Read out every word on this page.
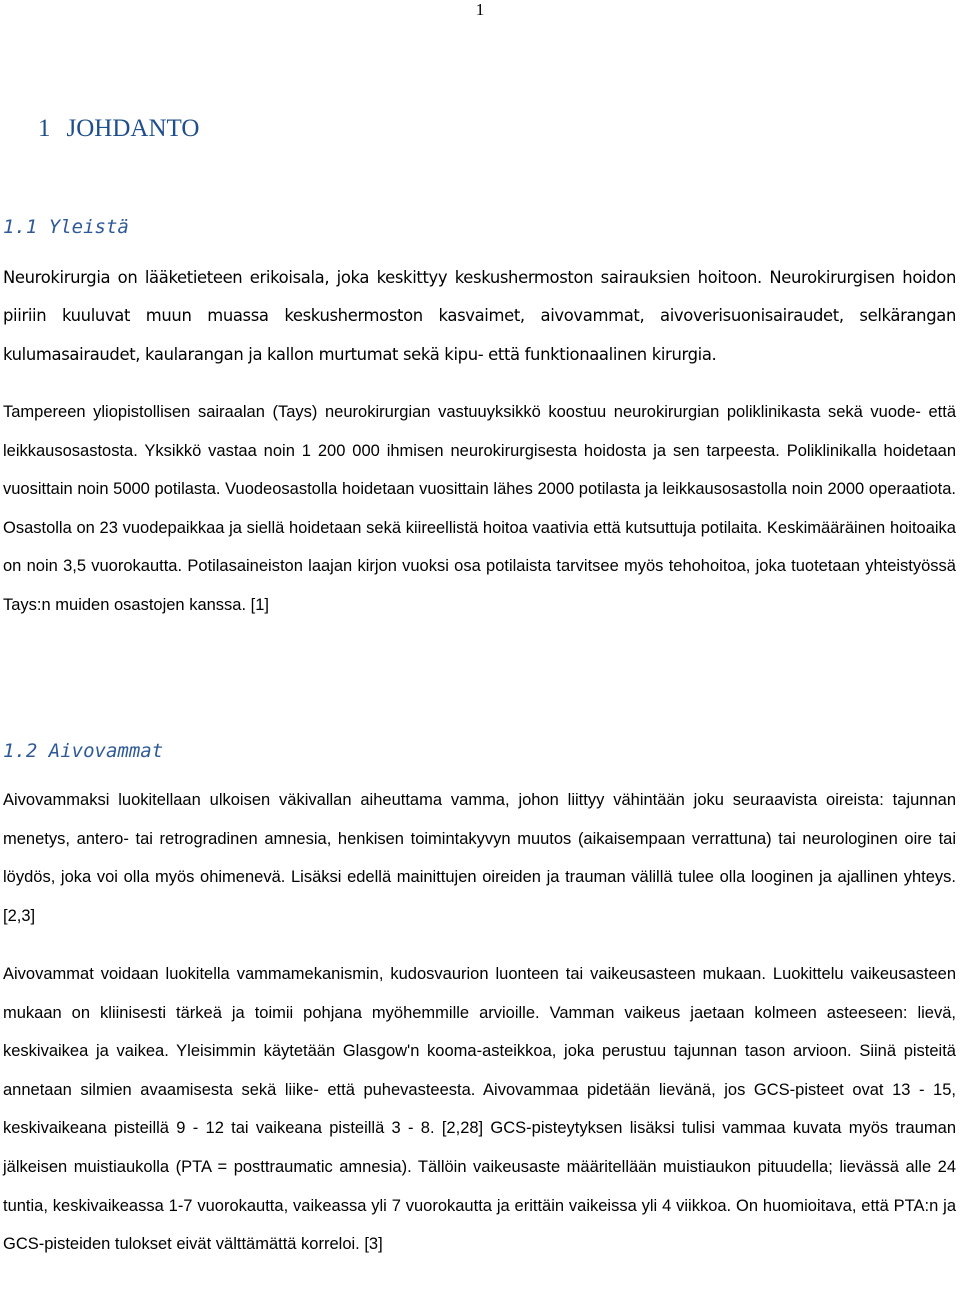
1
1 JOHDANTO
1.1 Yleistä

Neurokirurgia on lääketieteen erikoisala, joka keskittyy keskushermoston sairauksien hoitoon. Neurokirurgisen hoidon piiriin kuuluvat muun muassa keskushermoston kasvaimet, aivovammat, aivoverisuonisairaudet, selkärangan kulumasairaudet, kaularangan ja kallon murtumat sekä kipu- että funktionaalinen kirurgia.

Tampereen yliopistollisen sairaalan (Tays) neurokirurgian vastuuyksikkö koostuu neurokirurgian poliklinikasta sekä vuode- että leikkausosastosta. Yksikkö vastaa noin 1 200 000 ihmisen neurokirurgisesta hoidosta ja sen tarpeesta. Poliklinikalla hoidetaan vuosittain noin 5000 potilasta. Vuodeosastolla hoidetaan vuosittain lähes 2000 potilasta ja leikkausosastolla noin 2000 operaatiota. Osastolla on 23 vuodepaikkaa ja siellä hoidetaan sekä kiireellistä hoitoa vaativia että kutsuttuja potilaita. Keskimääräinen hoitoaika on noin 3,5 vuorokautta. Potilasaineiston laajan kirjon vuoksi osa potilaista tarvitsee myös tehohoitoa, joka tuotetaan yhteistyössä Tays:n muiden osastojen kanssa. [1]

1.2 Aivovammat

Aivovammaksi luokitellaan ulkoisen väkivallan aiheuttama vamma, johon liittyy vähintään joku seuraavista oireista: tajunnan menetys, antero- tai retrogradinen amnesia, henkisen toimintakyvyn muutos (aikaisempaan verrattuna) tai neurologinen oire tai löydös, joka voi olla myös ohimenevä. Lisäksi edellä mainittujen oireiden ja trauman välillä tulee olla looginen ja ajallinen yhteys. [2,3]

Aivovammat voidaan luokitella vammamekanismin, kudosvaurion luonteen tai vaikeusasteen mukaan. Luokittelu vaikeusasteen mukaan on kliinisesti tärkeä ja toimii pohjana myöhemmille arvioille. Vamman vaikeus jaetaan kolmeen asteeseen: lievä, keskivaikea ja vaikea. Yleisimmin käytetään Glasgow'n kooma-asteikkoa, joka perustuu tajunnan tason arvioon. Siinä pisteitä annetaan silmien avaamisesta sekä liike- että puhevasteesta. Aivovammaa pidetään lievänä, jos GCS-pisteet ovat 13 - 15, keskivaikeana pisteillä 9 - 12 tai vaikeana pisteillä 3 - 8. [2,28] GCS-pisteytyksen lisäksi tulisi vammaa kuvata myös trauman jälkeisen muistiaukolla (PTA = posttraumatic amnesia). Tällöin vaikeusaste määritellään muistiaukon pituudella; lievässä alle 24 tuntia, keskivaikeassa 1-7 vuorokautta, vaikeassa yli 7 vuorokautta ja erittäin vaikeissa yli 4 viikkoa. On huomioitava, että PTA:n ja GCS-pisteiden tulokset eivät välttämättä korreloi. [3]
